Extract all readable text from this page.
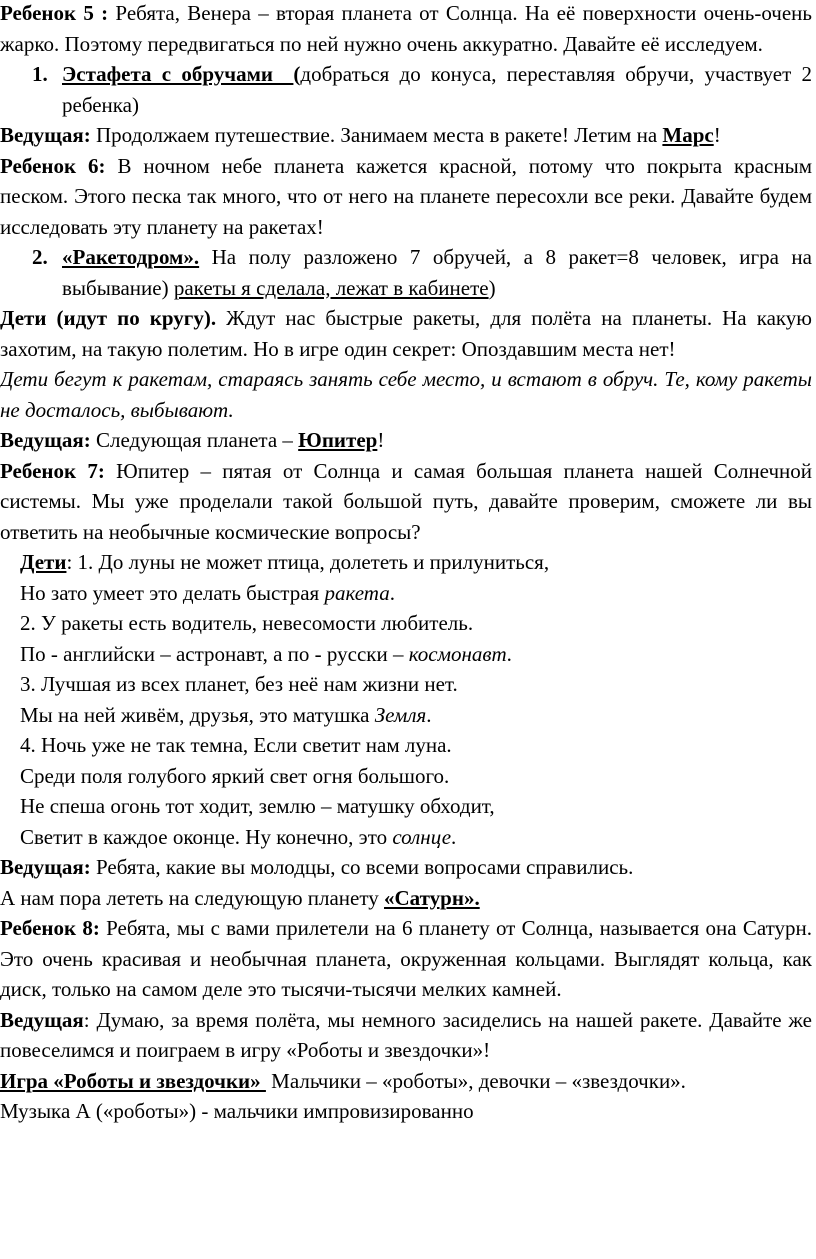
Ребенок 5 : Ребята, Венера – вторая планета от Солнца. На её поверхности очень-очень жарко. Поэтому передвигаться по ней нужно очень аккуратно. Давайте её исследуем.

1. Эстафета с обручами  (добраться до конуса, переставляя обручи, участвует 2 ребенка)

Ведущая: Продолжаем путешествие. Занимаем места в ракете! Летим на Марс!

Ребенок 6: В ночном небе планета кажется красной, потому что покрыта красным песком. Этого песка так много, что от него на планете пересохли все реки. Давайте будем исследовать эту планету на ракетах!

2. «Ракетодром». На полу разложено 7 обручей, а 8 ракет=8 человек, игра на выбывание) ракеты я сделала, лежат в кабинете)

Дети (идут по кругу). Ждут нас быстрые ракеты, для полёта на планеты. На какую захотим, на такую полетим. Но в игре один секрет: Опоздавшим места нет!

Дети бегут к ракетам, стараясь занять себе место, и встают в обруч. Те, кому ракеты не досталось, выбывают.

Ведущая: Следующая планета – Юпитер!

Ребенок 7: Юпитер – пятая от Солнца и самая большая планета нашей Солнечной системы. Мы уже проделали такой большой путь, давайте проверим, сможете ли вы ответить на необычные космические вопросы?

Дети: 1. До луны не может птица, долететь и прилуниться,

Но зато умеет это делать быстрая ракета.

2. У ракеты есть водитель, невесомости любитель.

По - английски – астронавт, а по - русски – космонавт.

3. Лучшая из всех планет, без неё нам жизни нет.

Мы на ней живём, друзья, это матушка Земля.

4. Ночь уже не так темна, Если светит нам луна.

Среди поля голубого яркий свет огня большого.

Не спеша огонь тот ходит, землю – матушку обходит,

Светит в каждое оконце. Ну конечно, это солнце.

Ведущая: Ребята, какие вы молодцы, со всеми вопросами справились.

А нам пора лететь на следующую планету «Сатурн».

Ребенок 8: Ребята, мы с вами прилетели на 6 планету от Солнца, называется она Сатурн. Это очень красивая и необычная планета, окруженная кольцами. Выглядят кольца, как диск, только на самом деле это тысячи-тысячи мелких камней.

Ведущая: Думаю, за время полёта, мы немного засиделись на нашей ракете. Давайте же повеселимся и поиграем в игру «Роботы и звездочки»!

Игра «Роботы и звездочки»  Мальчики – «роботы», девочки – «звездочки».

Музыка А («роботы») - мальчики импровизированно
